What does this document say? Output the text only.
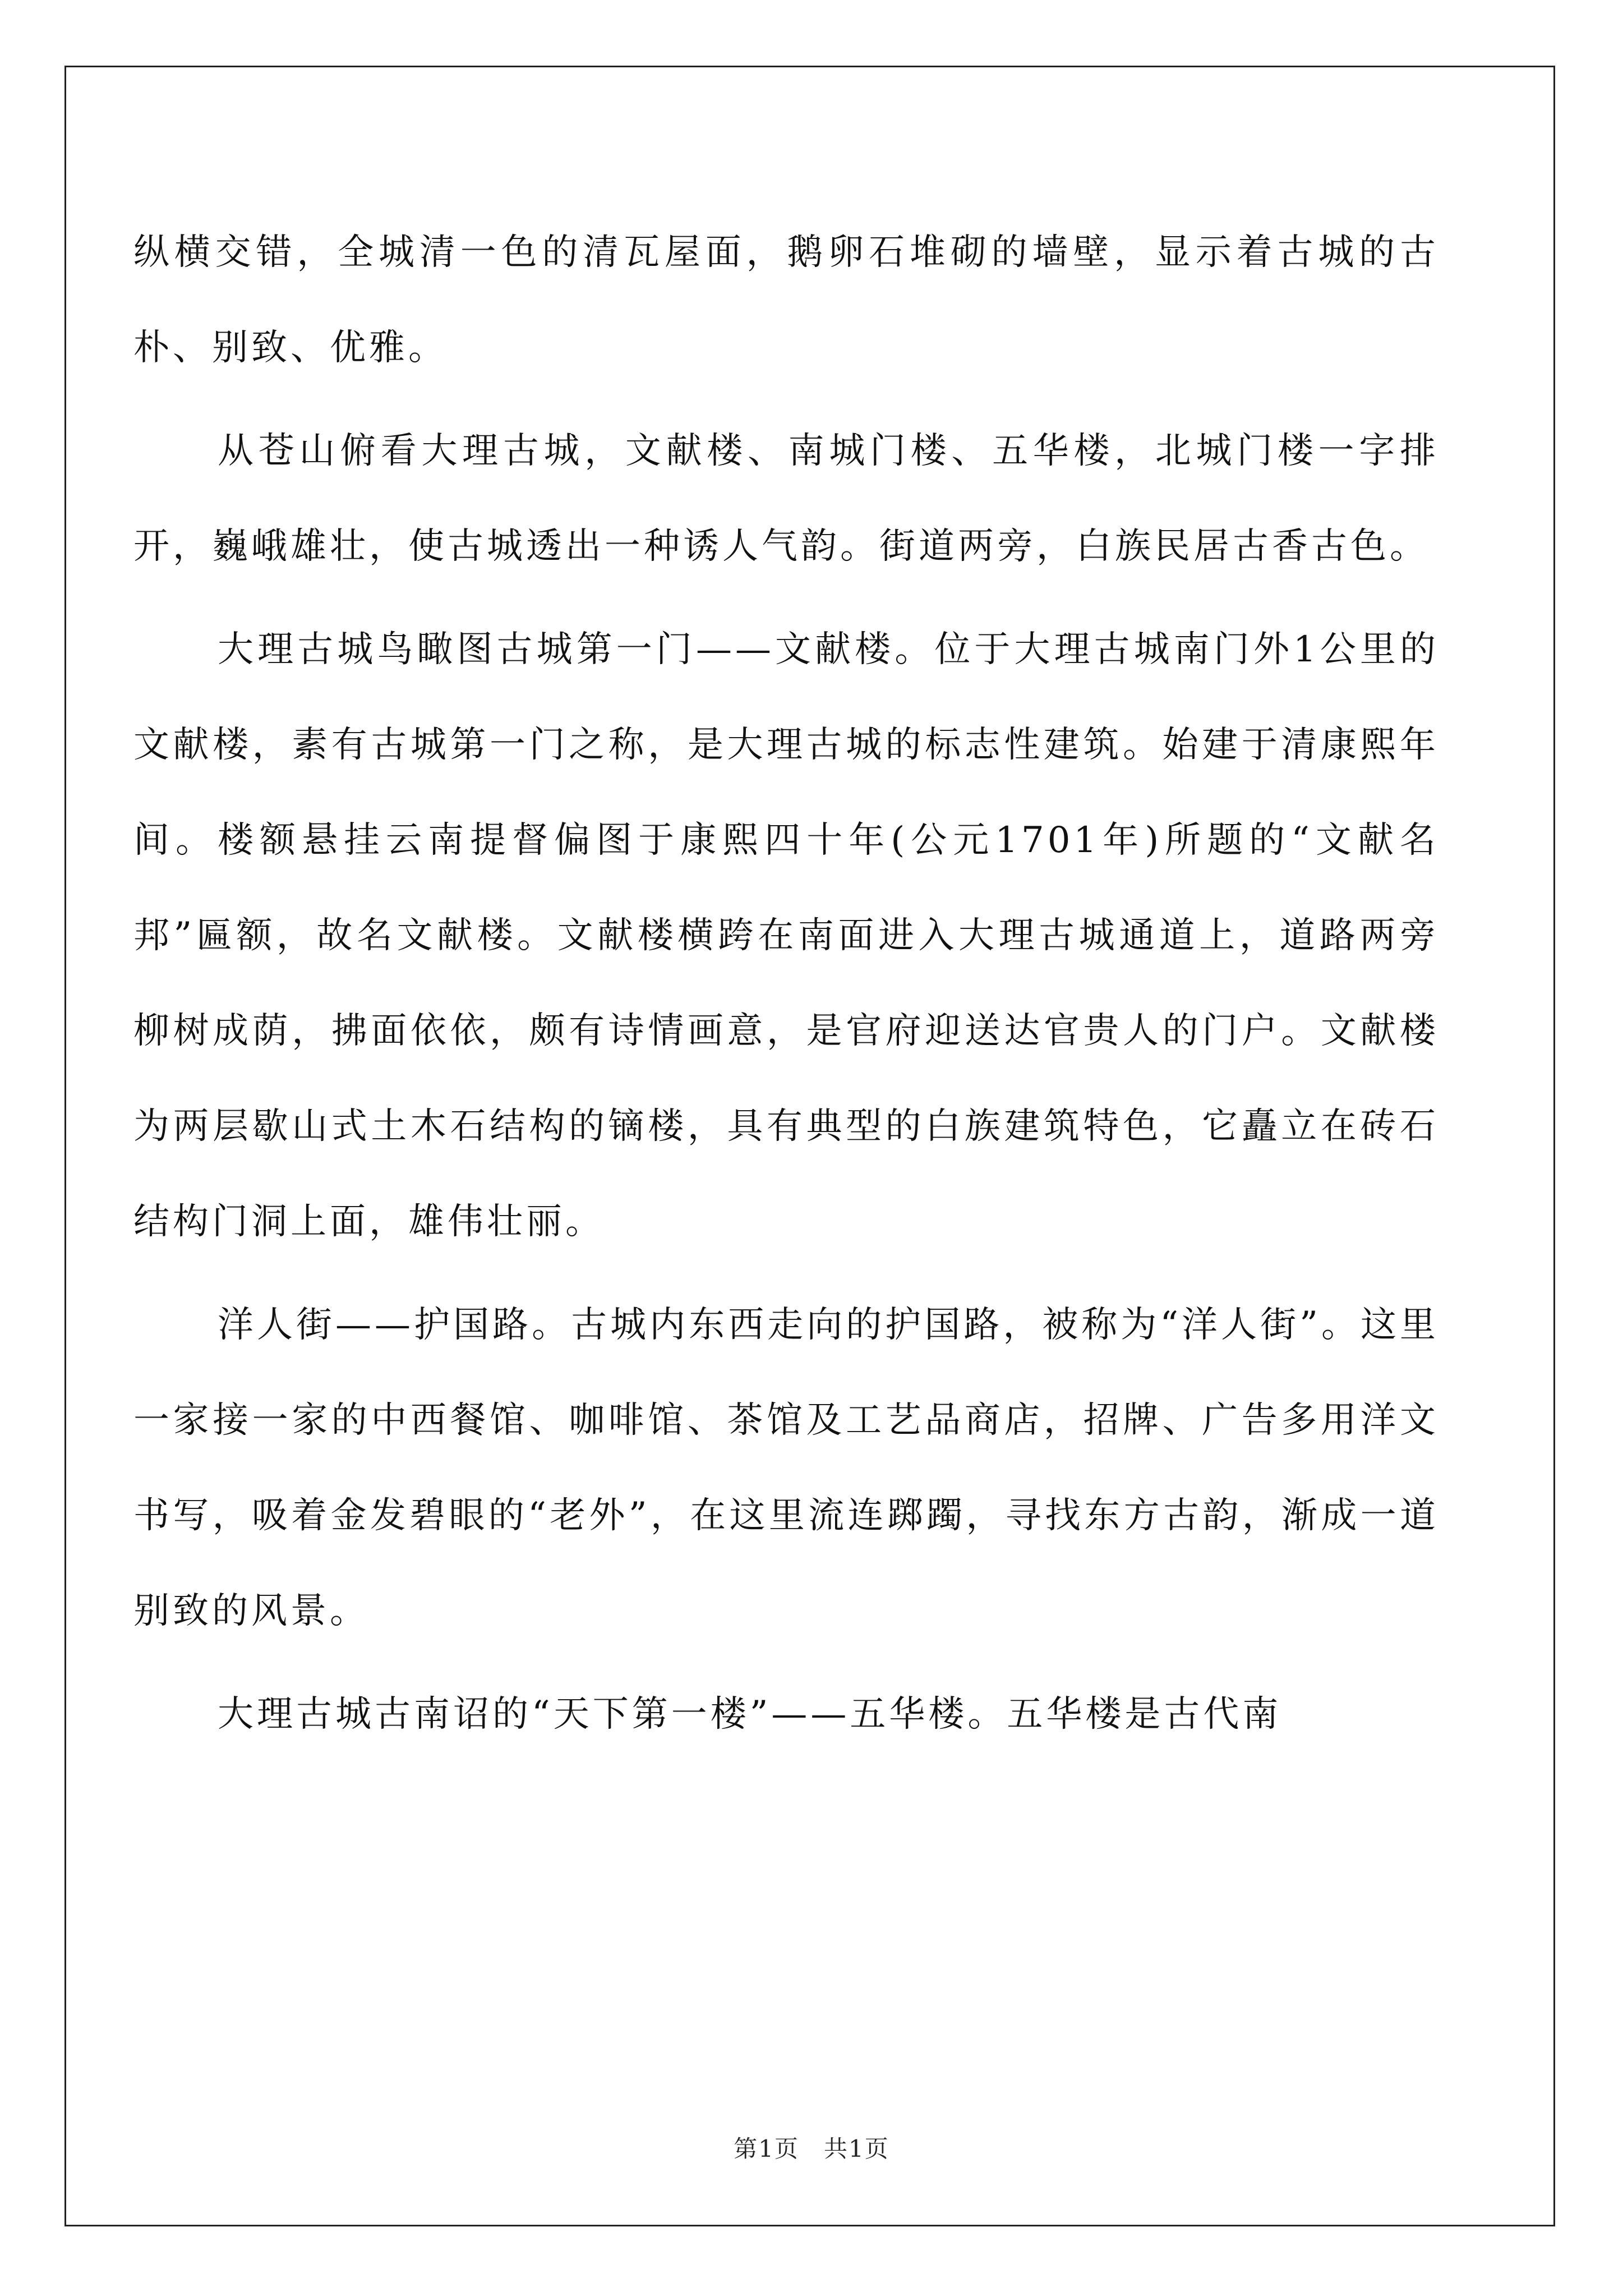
纵横交错，全城清一色的清瓦屋面，鹅卵石堆砌的墙壁，显示着古城的古朴、别致、优雅。

从苍山俯看大理古城，文献楼、南城门楼、五华楼，北城门楼一字排开，巍峨雄壮，使古城透出一种诱人气韵。街道两旁，白族民居古香古色。

大理古城鸟瞰图古城第一门——文献楼。位于大理古城南门外1公里的文献楼，素有古城第一门之称，是大理古城的标志性建筑。始建于清康熙年间。楼额悬挂云南提督偏图于康熙四十年(公元1701年)所题的“文献名邦”匾额，故名文献楼。文献楼横跨在南面进入大理古城通道上，道路两旁柳树成荫，拂面依依，颇有诗情画意，是官府迎送达官贵人的门户。文献楼为两层歇山式土木石结构的镝楼，具有典型的白族建筑特色，它矗立在砖石结构门洞上面，雄伟壮丽。

洋人街——护国路。古城内东西走向的护国路，被称为“洋人街”。这里一家接一家的中西餐馆、咖啡馆、茶馆及工艺品商店，招牌、广告多用洋文书写，吸着金发碧眼的“老外”，在这里流连踯躅，寻找东方古韵，渐成一道别致的风景。

大理古城古南诏的“天下第一楼”——五华楼。五华楼是古代南

第1页　共1页
